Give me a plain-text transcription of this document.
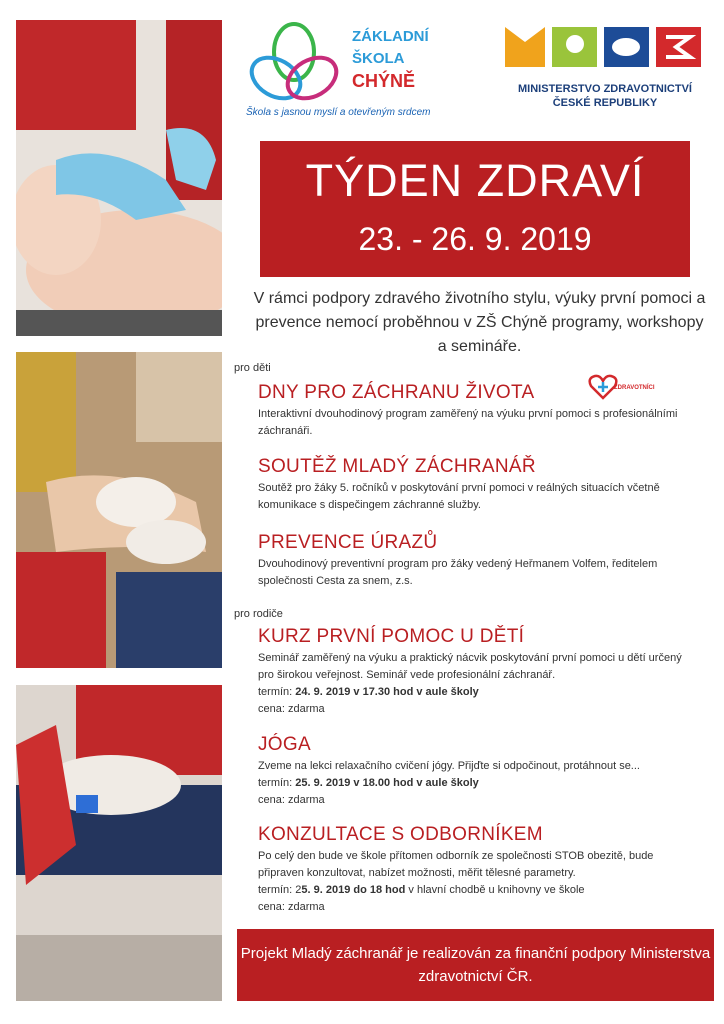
ZÁKLADNÍ
ŠKOLA
CHÝNĚ
Škola s jasnou myslí a otevřeným srdcem
MINISTERSTVO ZDRAVOTNICTVÍ
ČESKÉ REPUBLIKY
TÝDEN ZDRAVÍ
23. - 26. 9. 2019
V rámci podpory zdravého životního stylu, výuky první pomoci a prevence nemocí proběhnou v ZŠ Chýně programy, workshopy a semináře.
pro děti
ZDRAVOTNÍCI
DNY PRO ZÁCHRANU ŽIVOTA

Interaktivní dvouhodinový program zaměřený na výuku první pomoci s profesionálními záchranáři.

SOUTĚŽ MLADÝ ZÁCHRANÁŘ

Soutěž pro žáky 5. ročníků v poskytování první pomoci v reálných situacích včetně komunikace s dispečingem záchranné služby.

PREVENCE ÚRAZŮ

Dvouhodinový preventivní program pro žáky vedený Heřmanem Volfem, ředitelem společnosti Cesta za snem, z.s.

pro rodiče
KURZ PRVNÍ POMOC U DĚTÍ

Seminář zaměřený na výuku a praktický nácvik poskytování první pomoci u dětí určený pro širokou veřejnost. Seminář vede profesionální záchranář.

termín: 24. 9. 2019 v 17.30 hod v aule školy
cena: zdarma
JÓGA

Zveme na lekci relaxačního cvičení jógy. Přijďte si odpočinout, protáhnout se...

termín: 25. 9. 2019 v 18.00 hod v aule školy
cena: zdarma
KONZULTACE S ODBORNÍKEM

Po celý den bude ve škole přítomen odborník ze společnosti STOB obezitě, bude připraven konzultovat, nabízet možnosti, měřit tělesné parametry.

termín: 25. 9. 2019 do 18 hod v hlavní chodbě u knihovny ve škole
cena: zdarma
Projekt Mladý záchranář je realizován za finanční podpory Ministerstva zdravotnictví ČR.
